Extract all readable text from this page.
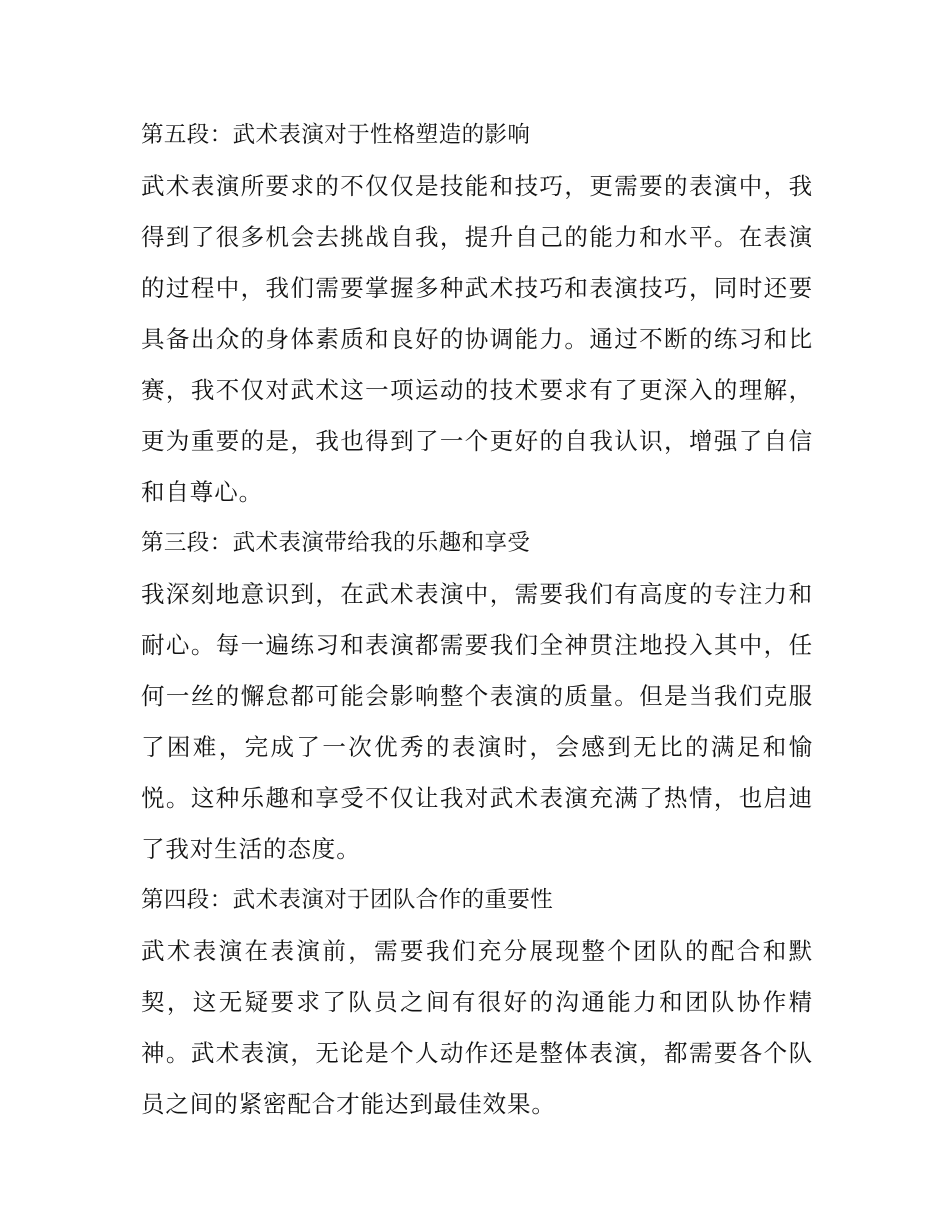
第五段：武术表演对于性格塑造的影响
武术表演所要求的不仅仅是技能和技巧，更需要的表演中，我
得到了很多机会去挑战自我，提升自己的能力和水平。在表演
的过程中，我们需要掌握多种武术技巧和表演技巧，同时还要
具备出众的身体素质和良好的协调能力。通过不断的练习和比
赛，我不仅对武术这一项运动的技术要求有了更深入的理解，
更为重要的是，我也得到了一个更好的自我认识，增强了自信
和自尊心。
第三段：武术表演带给我的乐趣和享受
我深刻地意识到，在武术表演中，需要我们有高度的专注力和
耐心。每一遍练习和表演都需要我们全神贯注地投入其中，任
何一丝的懈怠都可能会影响整个表演的质量。但是当我们克服
了困难，完成了一次优秀的表演时，会感到无比的满足和愉
悦。这种乐趣和享受不仅让我对武术表演充满了热情，也启迪
了我对生活的态度。
第四段：武术表演对于团队合作的重要性
武术表演在表演前，需要我们充分展现整个团队的配合和默
契，这无疑要求了队员之间有很好的沟通能力和团队协作精
神。武术表演，无论是个人动作还是整体表演，都需要各个队
员之间的紧密配合才能达到最佳效果。
